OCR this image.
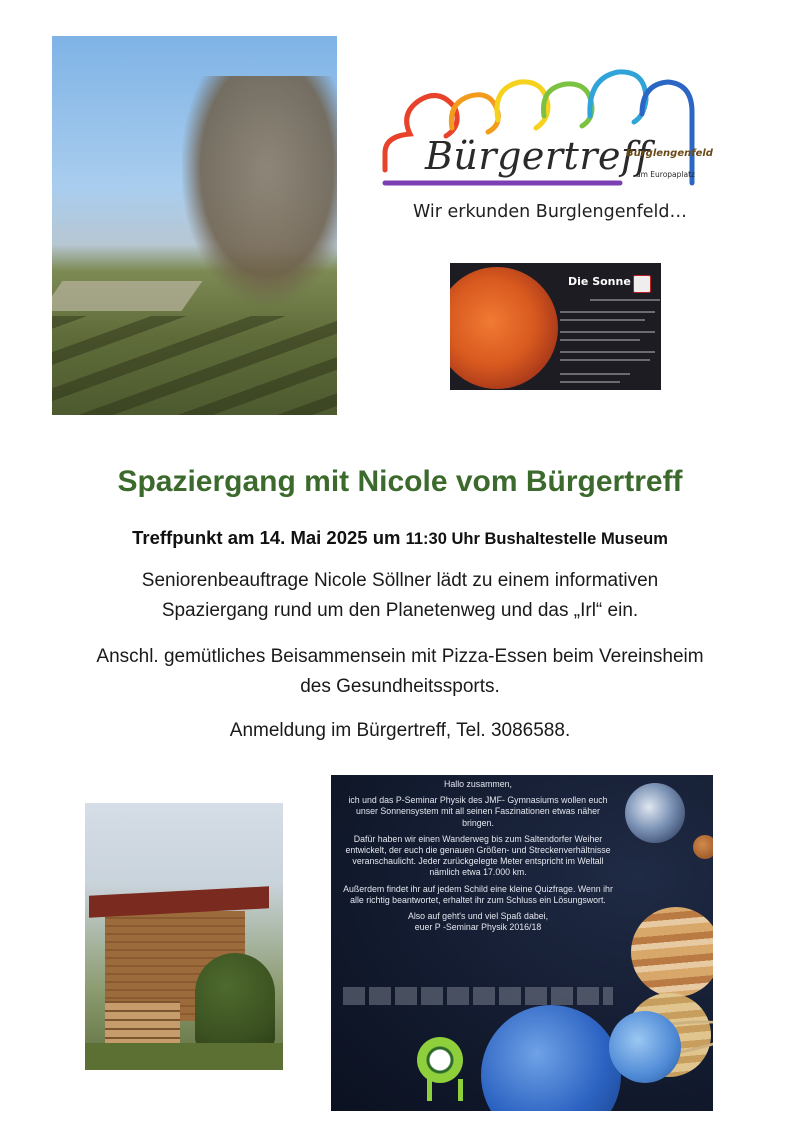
Bürgertreff
Burglengenfeld
am Europaplatz
Wir erkunden Burglengenfeld…
Die Sonne
Spaziergang mit Nicole vom Bürgertreff
Treffpunkt am 14. Mai 2025 um 11:30 Uhr Bushaltestelle Museum
Seniorenbeauftrage Nicole Söllner lädt zu einem informativen
Spaziergang rund um den Planetenweg und das „Irl“ ein.
Anschl. gemütliches Beisammensein mit Pizza-Essen beim Vereinsheim
des Gesundheitssports.
Anmeldung im Bürgertreff, Tel. 3086588.

Hallo zusammen,

ich und das P-Seminar Physik des JMF- Gymnasiums wollen euch unser Sonnensystem mit all seinen Faszinationen etwas näher bringen.

Dafür haben wir einen Wanderweg bis zum Saltendorfer Weiher entwickelt, der euch die genauen Größen- und Streckenverhältnisse veranschaulicht. Jeder zurückgelegte Meter entspricht im Weltall nämlich etwa 17.000 km.

Außerdem findet ihr auf jedem Schild eine kleine Quizfrage. Wenn ihr alle richtig beantwortet, erhaltet ihr zum Schluss ein Lösungswort.

Also auf geht's und viel Spaß dabei,

euer P -Seminar Physik 2016/18
